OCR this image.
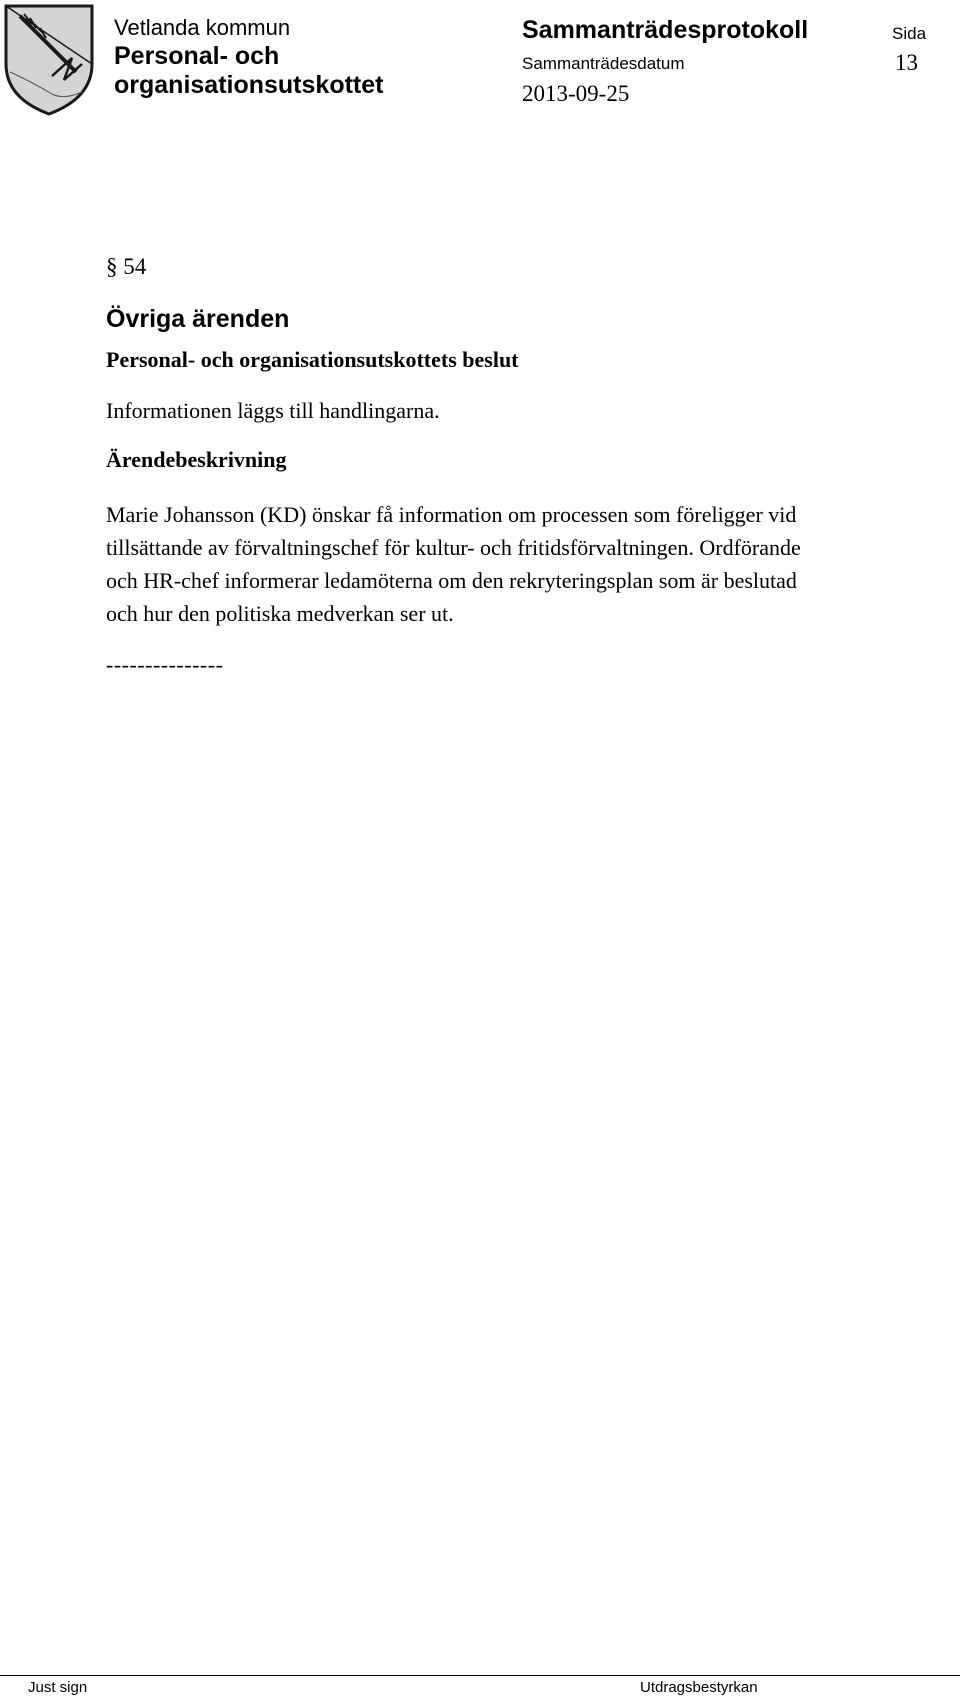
Vetlanda kommun
Personal- och
organisationsutskottet
Sammanträdesprotokoll
Sammanträdesdatum
2013-09-25
Sida
13
§ 54
Övriga ärenden
Personal- och organisationsutskottets beslut
Informationen läggs till handlingarna.
Ärendebeskrivning
Marie Johansson (KD) önskar få information om processen som föreligger vid
tillsättande av förvaltningschef för kultur- och fritidsförvaltningen. Ordförande
och HR-chef informerar ledamöterna om den rekryteringsplan som är beslutad
och hur den politiska medverkan ser ut.
---------------
Just sign	Utdragsbestyrkan
